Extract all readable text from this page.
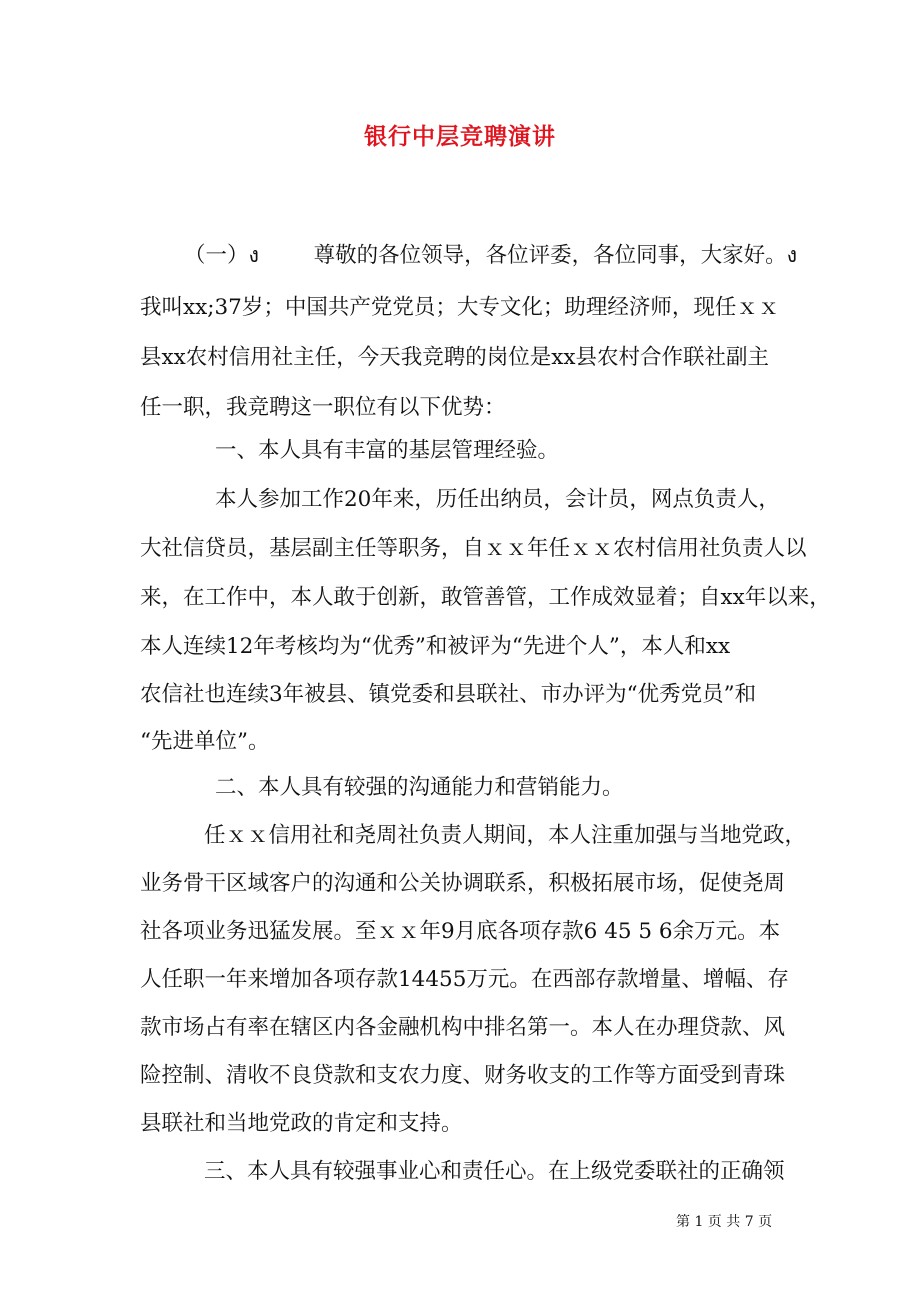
银行中层竞聘演讲
（一）ง        尊敬的各位领导，各位评委，各位同事，大家好。ง
我叫xx;37岁；中国共产党党员；大专文化；助理经济师，现任ｘｘ
县xx农村信用社主任，今天我竞聘的岗位是xx县农村合作联社副主
任一职，我竞聘这一职位有以下优势：
一、本人具有丰富的基层管理经验。
本人参加工作20年来，历任出纳员，会计员，网点负责人，
大社信贷员，基层副主任等职务，自ｘｘ年任ｘｘ农村信用社负责人以
来，在工作中，本人敢于创新，敢管善管，工作成效显着；自xx年以来，
本人连续12年考核均为“优秀”和被评为“先进个人”，本人和xx
农信社也连续3年被县、镇党委和县联社、市办评为“优秀党员”和
“先进单位”。
二、本人具有较强的沟通能力和营销能力。
任ｘｘ信用社和尧周社负责人期间，本人注重加强与当地党政，
业务骨干区域客户的沟通和公关协调联系，积极拓展市场，促使尧周
社各项业务迅猛发展。至ｘｘ年9月底各项存款6 45 5 6余万元。本
人任职一年来增加各项存款14455万元。在西部存款增量、增幅、存
款市场占有率在辖区内各金融机构中排名第一。本人在办理贷款、风
险控制、清收不良贷款和支农力度、财务收支的工作等方面受到青珠
县联社和当地党政的肯定和支持。
三、本人具有较强事业心和责任心。在上级党委联社的正确领
第 1 页 共 7 页
